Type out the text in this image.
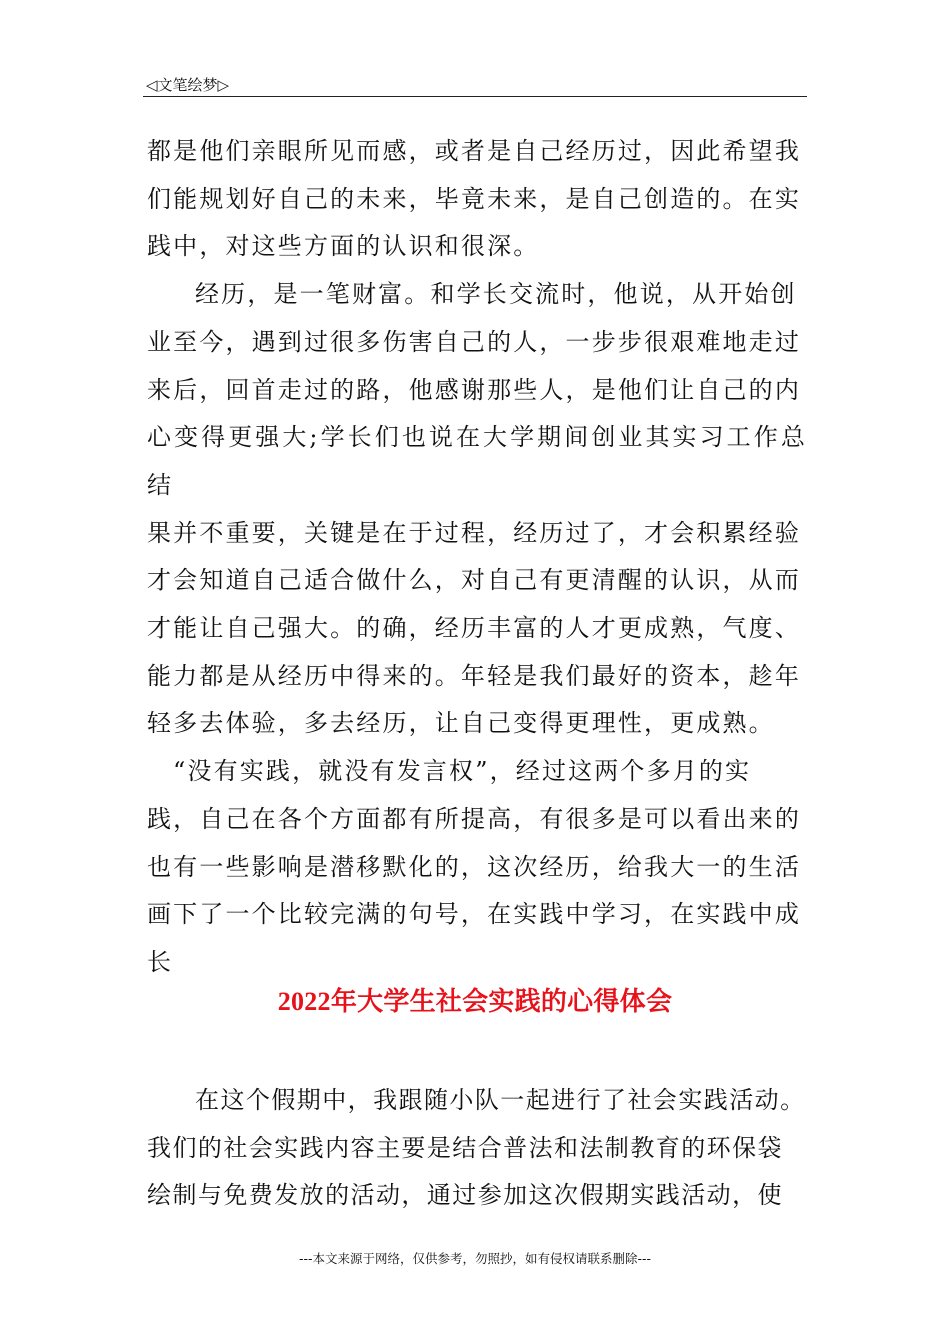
◁文笔绘梦▷
都是他们亲眼所见而感，或者是自己经历过，因此希望我
们能规划好自己的未来，毕竟未来，是自己创造的。在实
践中，对这些方面的认识和很深。
经历，是一笔财富。和学长交流时，他说，从开始创
业至今，遇到过很多伤害自己的人，一步步很艰难地走过
来后，回首走过的路，他感谢那些人，是他们让自己的内
心变得更强大;学长们也说在大学期间创业其实习工作总结
果并不重要，关键是在于过程，经历过了，才会积累经验
才会知道自己适合做什么，对自己有更清醒的认识，从而
才能让自己强大。的确，经历丰富的人才更成熟，气度、
能力都是从经历中得来的。年轻是我们最好的资本，趁年
轻多去体验，多去经历，让自己变得更理性，更成熟。
“没有实践，就没有发言权”，经过这两个多月的实
践，自己在各个方面都有所提高，有很多是可以看出来的
也有一些影响是潜移默化的，这次经历，给我大一的生活
画下了一个比较完满的句号，在实践中学习，在实践中成
长
2022年大学生社会实践的心得体会
在这个假期中，我跟随小队一起进行了社会实践活动。
我们的社会实践内容主要是结合普法和法制教育的环保袋
绘制与免费发放的活动，通过参加这次假期实践活动，使
---本文来源于网络，仅供参考，勿照抄，如有侵权请联系删除---
